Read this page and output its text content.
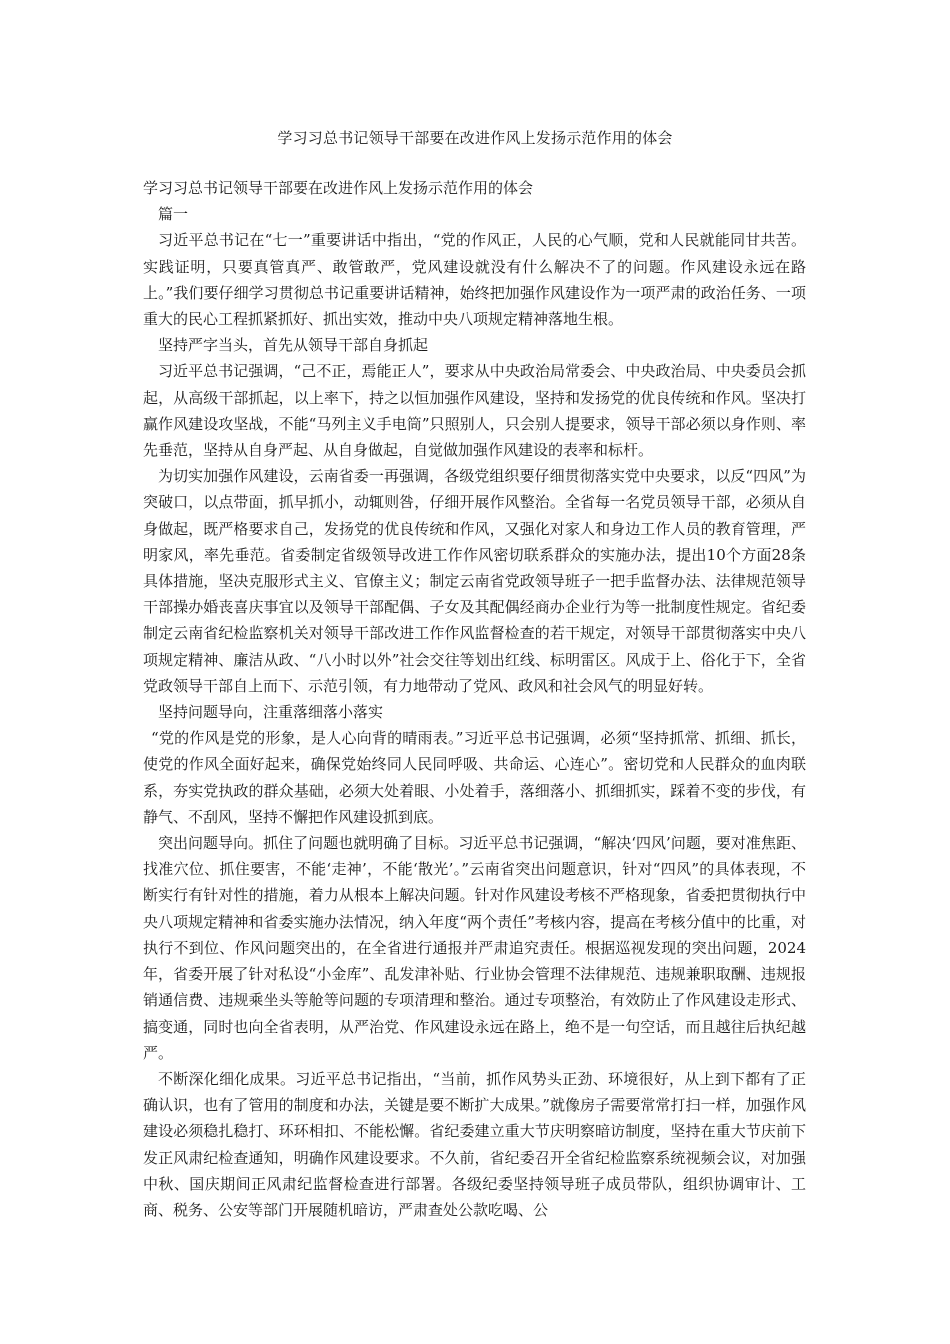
学习习总书记领导干部要在改进作风上发扬示范作用的体会

学习习总书记领导干部要在改进作风上发扬示范作用的体会

篇一

习近平总书记在“七一”重要讲话中指出，“党的作风正，人民的心气顺，党和人民就能同甘共苦。实践证明，只要真管真严、敢管敢严，党风建设就没有什么解决不了的问题。作风建设永远在路上。”我们要仔细学习贯彻总书记重要讲话精神，始终把加强作风建设作为一项严肃的政治任务、一项重大的民心工程抓紧抓好、抓出实效，推动中央八项规定精神落地生根。

坚持严字当头，首先从领导干部自身抓起

习近平总书记强调，“己不正，焉能正人”，要求从中央政治局常委会、中央政治局、中央委员会抓起，从高级干部抓起，以上率下，持之以恒加强作风建设，坚持和发扬党的优良传统和作风。坚决打赢作风建设攻坚战，不能“马列主义手电筒”只照别人，只会别人提要求，领导干部必须以身作则、率先垂范，坚持从自身严起、从自身做起，自觉做加强作风建设的表率和标杆。

为切实加强作风建设，云南省委一再强调，各级党组织要仔细贯彻落实党中央要求，以反“四风”为突破口，以点带面，抓早抓小，动辄则咎，仔细开展作风整治。全省每一名党员领导干部，必须从自身做起，既严格要求自己，发扬党的优良传统和作风，又强化对家人和身边工作人员的教育管理，严明家风，率先垂范。省委制定省级领导改进工作作风密切联系群众的实施办法，提出10个方面28条具体措施，坚决克服形式主义、官僚主义；制定云南省党政领导班子一把手监督办法、法律规范领导干部操办婚丧喜庆事宜以及领导干部配偶、子女及其配偶经商办企业行为等一批制度性规定。省纪委制定云南省纪检监察机关对领导干部改进工作作风监督检查的若干规定，对领导干部贯彻落实中央八项规定精神、廉洁从政、“八小时以外”社会交往等划出红线、标明雷区。风成于上、俗化于下，全省党政领导干部自上而下、示范引领，有力地带动了党风、政风和社会风气的明显好转。

坚持问题导向，注重落细落小落实

“党的作风是党的形象，是人心向背的晴雨表。”习近平总书记强调，必须“坚持抓常、抓细、抓长，使党的作风全面好起来，确保党始终同人民同呼吸、共命运、心连心”。密切党和人民群众的血肉联系，夯实党执政的群众基础，必须大处着眼、小处着手，落细落小、抓细抓实，踩着不变的步伐，有静气、不刮风，坚持不懈把作风建设抓到底。

突出问题导向。抓住了问题也就明确了目标。习近平总书记强调，“解决‘四风’问题，要对准焦距、找准穴位、抓住要害，不能‘走神’，不能‘散光’。”云南省突出问题意识，针对“四风”的具体表现，不断实行有针对性的措施，着力从根本上解决问题。针对作风建设考核不严格现象，省委把贯彻执行中央八项规定精神和省委实施办法情况，纳入年度“两个责任”考核内容，提高在考核分值中的比重，对执行不到位、作风问题突出的，在全省进行通报并严肃追究责任。根据巡视发现的突出问题，2024年，省委开展了针对私设“小金库”、乱发津补贴、行业协会管理不法律规范、违规兼职取酬、违规报销通信费、违规乘坐头等舱等问题的专项清理和整治。通过专项整治，有效防止了作风建设走形式、搞变通，同时也向全省表明，从严治党、作风建设永远在路上，绝不是一句空话，而且越往后执纪越严。

不断深化细化成果。习近平总书记指出，“当前，抓作风势头正劲、环境很好，从上到下都有了正确认识，也有了管用的制度和办法，关键是要不断扩大成果。”就像房子需要常常打扫一样，加强作风建设必须稳扎稳打、环环相扣、不能松懈。省纪委建立重大节庆明察暗访制度，坚持在重大节庆前下发正风肃纪检查通知，明确作风建设要求。不久前，省纪委召开全省纪检监察系统视频会议，对加强中秋、国庆期间正风肃纪监督检查进行部署。各级纪委坚持领导班子成员带队，组织协调审计、工商、税务、公安等部门开展随机暗访，严肃查处公款吃喝、公
